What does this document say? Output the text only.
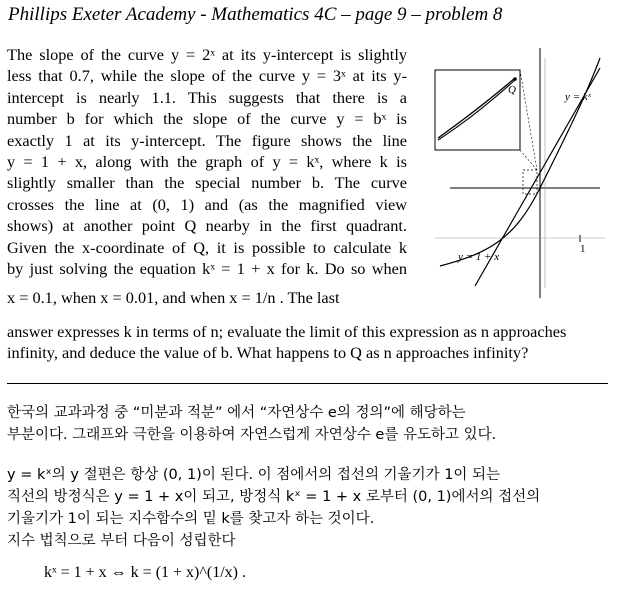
Phillips Exeter Academy - Mathematics 4C – page 9 – problem 8
The slope of the curve y = 2ˣ at its y-intercept is slightly
less that 0.7, while the slope of the curve y = 3ˣ at its y-
intercept is nearly 1.1. This suggests that there is a
number b for which the slope of the curve y = bˣ is
exactly 1 at its y-intercept. The figure shows the line
y = 1 + x, along with the graph of y = kˣ, where k is
slightly smaller than the special number b. The curve
crosses the line at (0, 1) and (as the magnified view
shows) at another point Q nearby in the first quadrant.
Given the x-coordinate of Q, it is possible to calculate k
by just solving the equation kˣ = 1 + x for k. Do so when
x = 0.1, when x = 0.01, and when x = 1/n . The last
answer expresses k in terms of n; evaluate the limit of this expression as n approaches
infinity, and deduce the value of b. What happens to Q as n approaches infinity?
Q
y = kˣ
y = 1 + x
1
한국의 교과과정 중 “미분과 적분” 에서 “자연상수 e의 정의”에 해당하는
부분이다. 그래프와 극한을 이용하여 자연스럽게 자연상수 e를 유도하고 있다.
y = kˣ의 y 절편은 항상 (0, 1)이 된다. 이 점에서의 접선의 기울기가 1이 되는
직선의 방정식은 y = 1 + x이 되고, 방정식 kˣ = 1 + x 로부터 (0, 1)에서의 접선의
기울기가 1이 되는 지수함수의 밑 k를 찾고자 하는 것이다.
지수 법칙으로 부터 다음이 성립한다
kˣ = 1 + x ⇔ k = (1 + x)^(1/x) .
